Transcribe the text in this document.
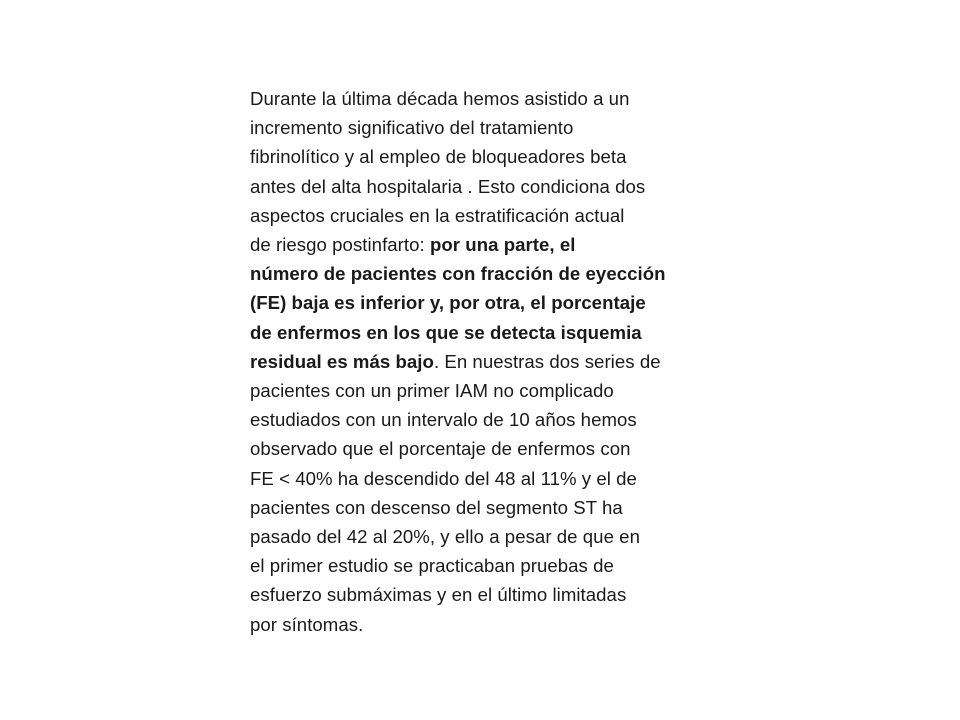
Durante la última década hemos asistido a un
incremento significativo del tratamiento
fibrinolítico y al empleo de bloqueadores beta
antes del alta hospitalaria . Esto condiciona dos
aspectos cruciales en la estratificación actual
de riesgo postinfarto: por una parte, el
número de pacientes con fracción de eyección
(FE) baja es inferior y, por otra, el porcentaje
de enfermos en los que se detecta isquemia
residual es más bajo. En nuestras dos series de
pacientes con un primer IAM no complicado
estudiados con un intervalo de 10 años hemos
observado que el porcentaje de enfermos con
FE < 40% ha descendido del 48 al 11% y el de
pacientes con descenso del segmento ST ha
pasado del 42 al 20%, y ello a pesar de que en
el primer estudio se practicaban pruebas de
esfuerzo submáximas y en el último limitadas
por síntomas.
